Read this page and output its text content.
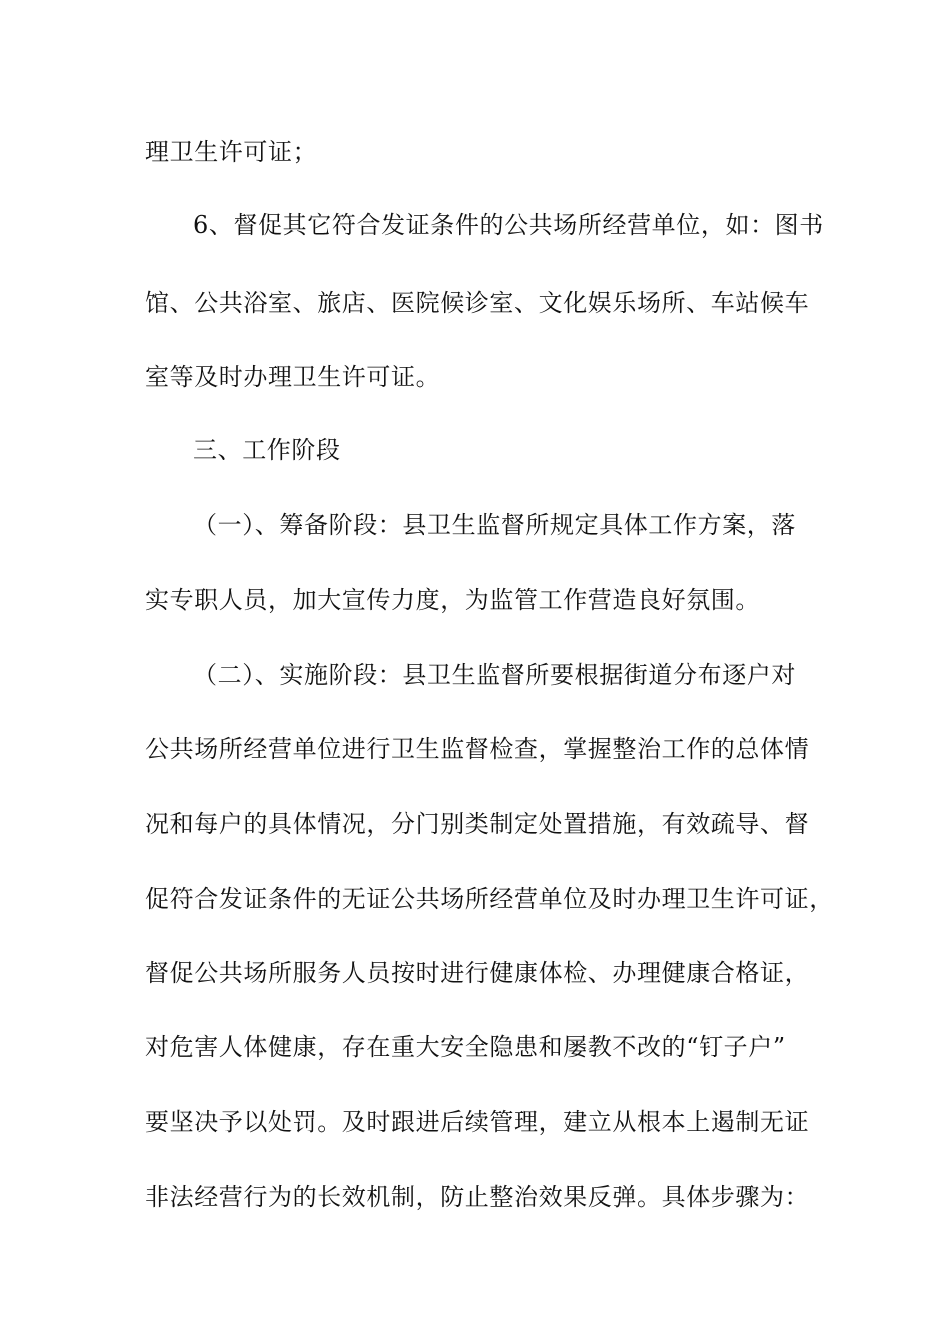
理卫生许可证；
6、督促其它符合发证条件的公共场所经营单位，如：图书
馆、公共浴室、旅店、医院候诊室、文化娱乐场所、车站候车
室等及时办理卫生许可证。
三、工作阶段
（一）、筹备阶段：县卫生监督所规定具体工作方案，落
实专职人员，加大宣传力度，为监管工作营造良好氛围。
（二）、实施阶段：县卫生监督所要根据街道分布逐户对
公共场所经营单位进行卫生监督检查，掌握整治工作的总体情
况和每户的具体情况，分门别类制定处置措施，有效疏导、督
促符合发证条件的无证公共场所经营单位及时办理卫生许可证，
督促公共场所服务人员按时进行健康体检、办理健康合格证，
对危害人体健康，存在重大安全隐患和屡教不改的“钉子户”
要坚决予以处罚。及时跟进后续管理，建立从根本上遏制无证
非法经营行为的长效机制，防止整治效果反弹。具体步骤为：
